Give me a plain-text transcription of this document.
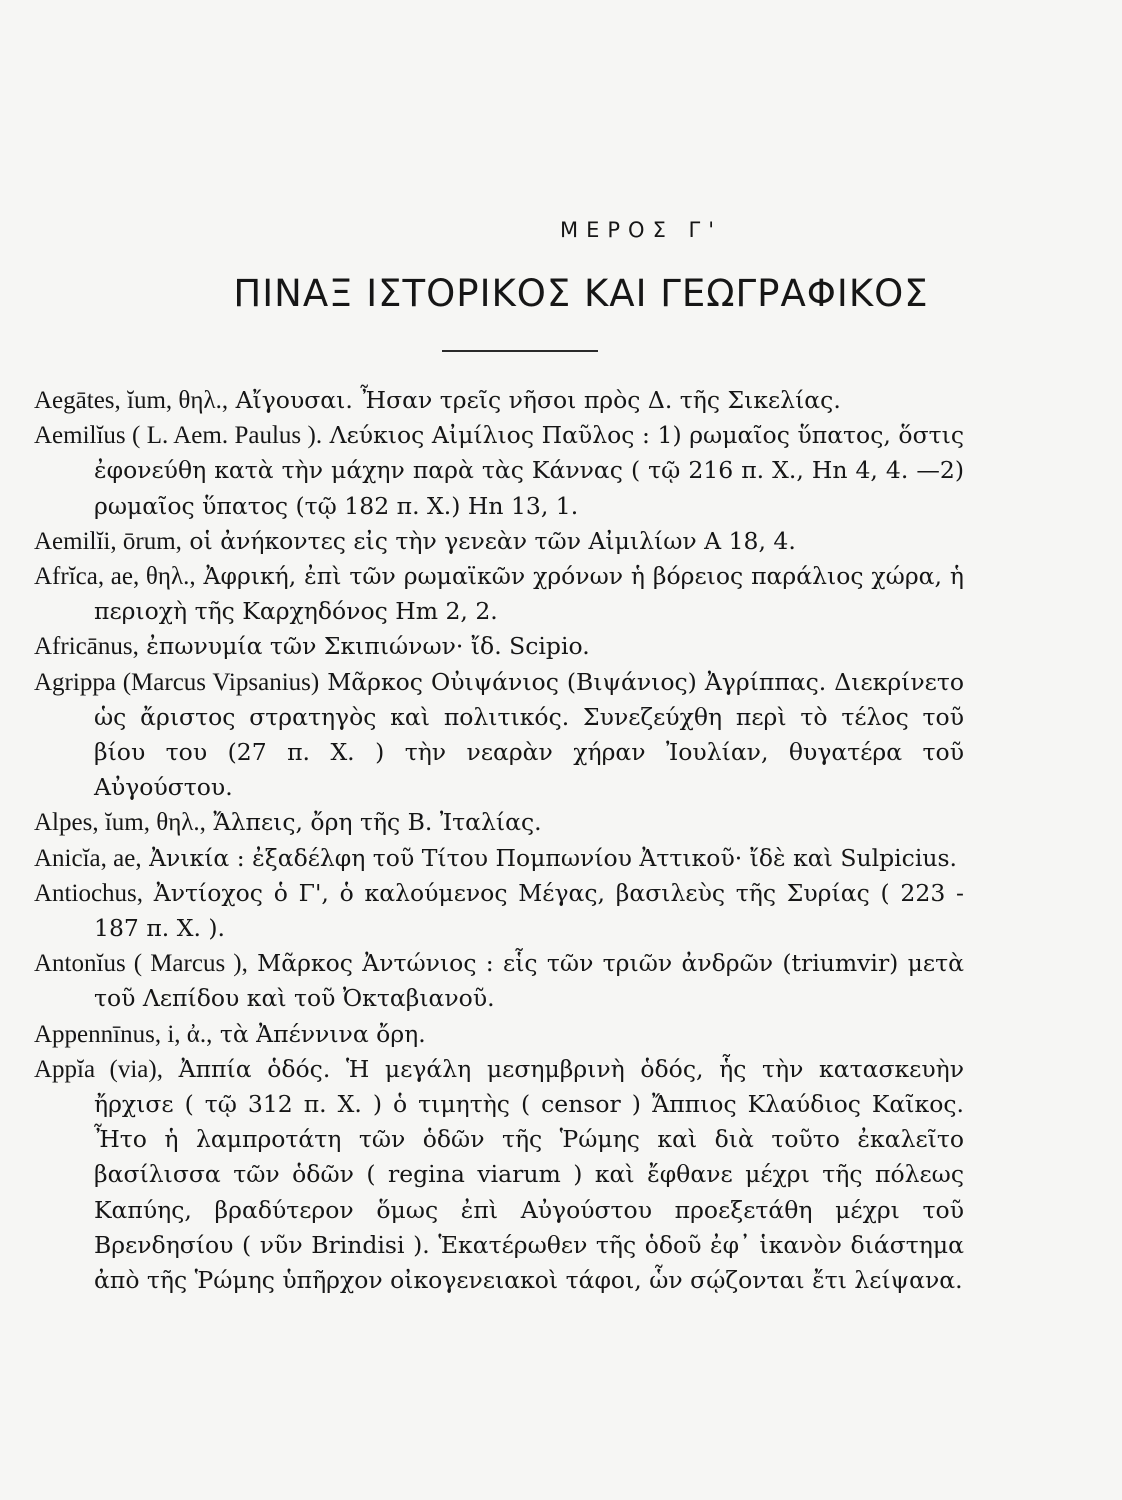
ΜΕΡΟΣ Γ'
ΠΙΝΑΞ ΙΣΤΟΡΙΚΟΣ ΚΑΙ ΓΕΩΓΡΑΦΙΚΟΣ

Aegātes, ĭum, θηλ., Αἴγουσαι. Ἦσαν τρεῖς νῆσοι πρὸς Δ. τῆς Σικελίας.

Aemilĭus ( L. Aem. Paulus ). Λεύκιος Αἰμίλιος Παῦλος : 1) ρωμαῖος ὕπατος, ὅστις ἐφονεύθη κατὰ τὴν μάχην παρὰ τὰς Κάννας ( τῷ 216 π. Χ., Hn 4, 4. —2) ρωμαῖος ὕπατος (τῷ 182 π. Χ.) Hn 13, 1.

Aemilĭi, ōrum, οἱ ἀνήκοντες εἰς τὴν γενεὰν τῶν Αἰμιλίων A 18, 4.

Afrĭca, ae, θηλ., Ἀφρική, ἐπὶ τῶν ρωμαϊκῶν χρόνων ἡ βόρειος παράλιος χώρα, ἡ περιοχὴ τῆς Καρχηδόνος Hm 2, 2.

Africānus, ἐπωνυμία τῶν Σκιπιώνων· ἴδ. Scipio.

Agrippa (Marcus Vipsanius) Μᾶρκος Οὐιψάνιος (Βιψάνιος) Ἀγρίππας. Διεκρίνετο ὡς ἄριστος στρατηγὸς καὶ πολιτικός. Συνεζεύχθη περὶ τὸ τέλος τοῦ βίου του (27 π. Χ. ) τὴν νεαρὰν χήραν Ἰουλίαν, θυγατέρα τοῦ Αὐγούστου.

Alpes, ĭum, θηλ., Ἄλπεις, ὄρη τῆς Β. Ἰταλίας.

Anicĭa, ae, Ἀνικία : ἐξαδέλφη τοῦ Τίτου Πομπωνίου Ἀττικοῦ· ἴδὲ καὶ Sulpicius.

Antiochus, Ἀντίοχος ὁ Γ', ὁ καλούμενος Μέγας, βασιλεὺς τῆς Συρίας ( 223 - 187 π. Χ. ).

Antonĭus ( Marcus ), Μᾶρκος Ἀντώνιος : εἷς τῶν τριῶν ἀνδρῶν (triumvir) μετὰ τοῦ Λεπίδου καὶ τοῦ Ὀκταβιανοῦ.

Appennīnus, i, ἀ., τὰ Ἀπέννινα ὄρη.

Appĭa (via), Ἀππία ὁδός. Ἡ μεγάλη μεσημβρινὴ ὁδός, ἧς τὴν κατασκευὴν ἤρχισε ( τῷ 312 π. Χ. ) ὁ τιμητὴς ( censor ) Ἄππιος Κλαύδιος Καῖκος. Ἦτο ἡ λαμπροτάτη τῶν ὁδῶν τῆς Ῥώμης καὶ διὰ τοῦτο ἐκαλεῖτο βασίλισσα τῶν ὁδῶν ( regina viarum ) καὶ ἔφθανε μέχρι τῆς πόλεως Καπύης, βραδύτερον ὅμως ἐπὶ Αὐγούστου προεξετάθη μέχρι τοῦ Βρενδησίου ( νῦν Brindisi ). Ἑκατέρωθεν τῆς ὁδοῦ ἐφ᾽ ἱκανὸν διάστημα ἀπὸ τῆς Ῥώμης ὑπῆρχον οἰκογενειακοὶ τάφοι, ὧν σῴζονται ἔτι λείψανα.
